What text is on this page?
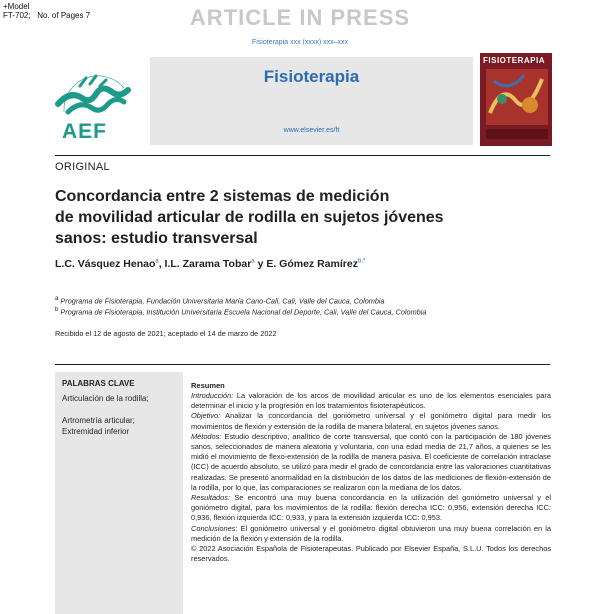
+Model
FT-702; No. of Pages 7	ARTICLE IN PRESS
Fisioterapia xxx (xxxx) xxx–xxx
AEF
Fisioterapia
www.elsevier.es/ft
FISIOTERAPIA
ORIGINAL
Concordancia entre 2 sistemas de medición
de movilidad articular de rodilla en sujetos jóvenes
sanos: estudio transversal
L.C. Vásquez Henao$^a$, I.L. Zarama Tobar$^a$ y E. Gómez Ramírez$^{b,*}$
$^a$ Programa de Fisioterapia, Fundación Universitaria María Cano-Cali, Cali, Valle del Cauca, Colombia
$^b$ Programa de Fisioterapia, Institución Universitaria Escuela Nacional del Deporte, Cali, Valle del Cauca, Colombia
Recibido el 12 de agosto de 2021; aceptado el 14 de marzo de 2022
PALABRAS CLAVE
Articulación de la rodilla;
Artrometría articular;
Extremidad inferior
Resumen

Introducción: La valoración de los arcos de movilidad articular es uno de los elementos esenciales para determinar el inicio y la progresión en los tratamientos fisioterapéuticos.

Objetivo: Analizar la concordancia del goniómetro universal y el goniómetro digital para medir los movimientos de flexión y extensión de la rodilla de manera bilateral, en sujetos jóvenes sanos.

Métodos: Estudio descriptivo, analítico de corte transversal, que contó con la participación de 180 jóvenes sanos, seleccionados de manera aleatoria y voluntaria, con una edad media de 21,7 años, a quienes se les midió el movimiento de flexo-extensión de la rodilla de manera pasiva. El coeficiente de correlación intraclase (ICC) de acuerdo absoluto, se utilizó para medir el grado de concordancia entre las valoraciones cuantitativas realizadas. Se presentó anormalidad en la distribución de los datos de las mediciones de flexión-extensión de la rodilla, por lo que, las comparaciones se realizaron con la mediana de los datos.

Resultados: Se encontró una muy buena concordancia en la utilización del goniómetro universal y el goniómetro digital, para los movimientos de la rodilla: flexión derecha ICC: 0,956, extensión derecha ICC: 0,936, flexión izquierda ICC: 0,933, y para la extensión izquierda ICC: 0,953.

Conclusiones: El goniómetro universal y el goniómetro digital obtuvieron una muy buena correlación en la medición de la flexión y extensión de la rodilla.

© 2022 Asociación Española de Fisioterapeutas. Publicado por Elsevier España, S.L.U. Todos los derechos reservados.
